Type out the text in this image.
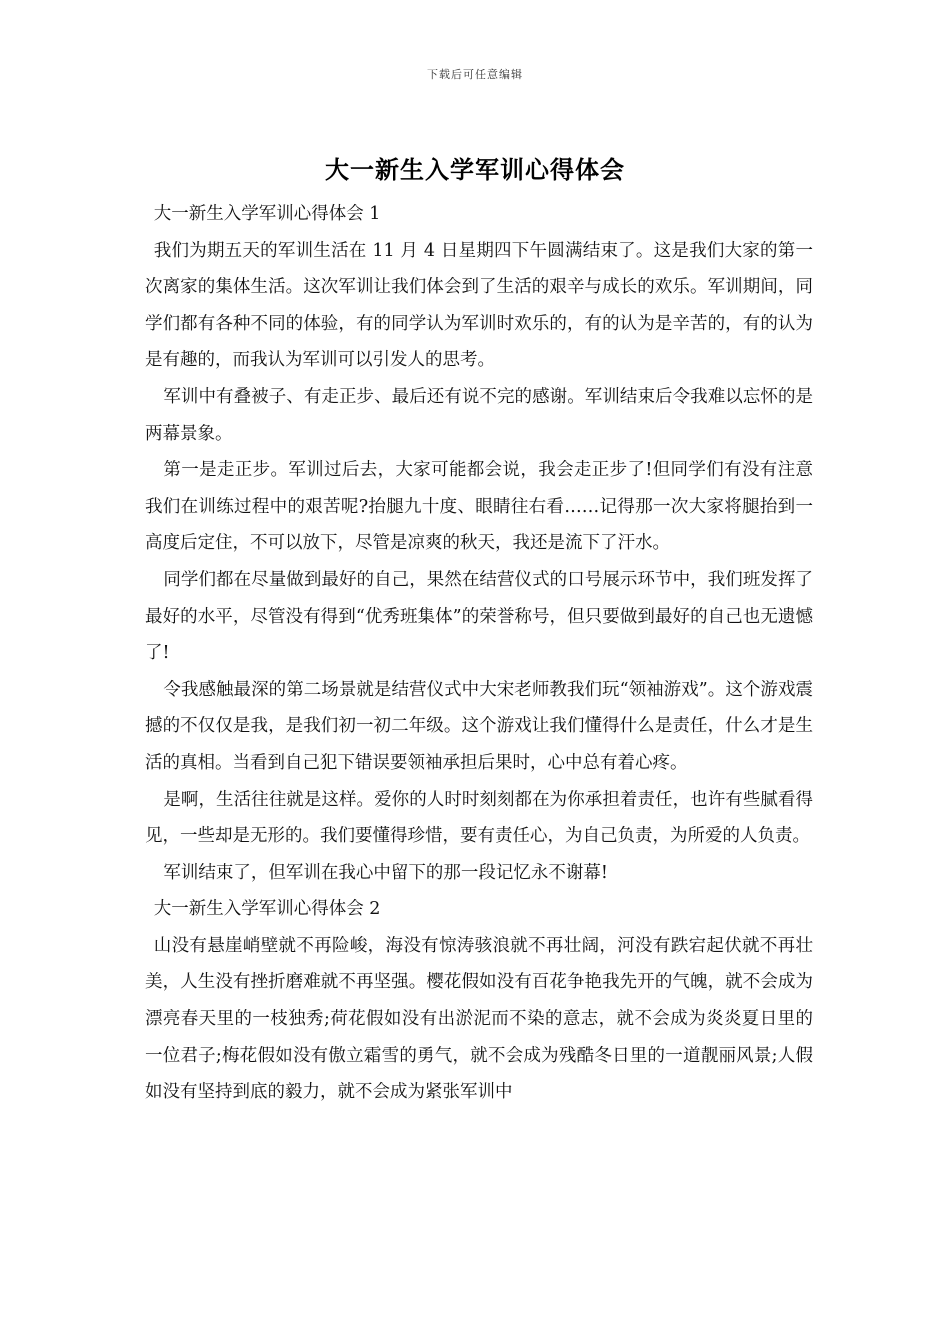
下载后可任意编辑
大一新生入学军训心得体会

大一新生入学军训心得体会 1

我们为期五天的军训生活在 11 月 4 日星期四下午圆满结束了。这是我们大家的第一次离家的集体生活。这次军训让我们体会到了生活的艰辛与成长的欢乐。军训期间，同学们都有各种不同的体验，有的同学认为军训时欢乐的，有的认为是辛苦的，有的认为是有趣的，而我认为军训可以引发人的思考。

军训中有叠被子、有走正步、最后还有说不完的感谢。军训结束后令我难以忘怀的是两幕景象。

第一是走正步。军训过后去，大家可能都会说，我会走正步了!但同学们有没有注意我们在训练过程中的艰苦呢?抬腿九十度、眼睛往右看……记得那一次大家将腿抬到一高度后定住，不可以放下，尽管是凉爽的秋天，我还是流下了汗水。

同学们都在尽量做到最好的自己，果然在结营仪式的口号展示环节中，我们班发挥了最好的水平，尽管没有得到“优秀班集体”的荣誉称号，但只要做到最好的自己也无遗憾了!

令我感触最深的第二场景就是结营仪式中大宋老师教我们玩“领袖游戏”。这个游戏震撼的不仅仅是我，是我们初一初二年级。这个游戏让我们懂得什么是责任，什么才是生活的真相。当看到自己犯下错误要领袖承担后果时，心中总有着心疼。

是啊，生活往往就是这样。爱你的人时时刻刻都在为你承担着责任，也许有些腻看得见，一些却是无形的。我们要懂得珍惜，要有责任心，为自己负责，为所爱的人负责。

军训结束了，但军训在我心中留下的那一段记忆永不谢幕!

大一新生入学军训心得体会 2

山没有悬崖峭壁就不再险峻，海没有惊涛骇浪就不再壮阔，河没有跌宕起伏就不再壮美，人生没有挫折磨难就不再坚强。樱花假如没有百花争艳我先开的气魄，就不会成为漂亮春天里的一枝独秀;荷花假如没有出淤泥而不染的意志，就不会成为炎炎夏日里的一位君子;梅花假如没有傲立霜雪的勇气，就不会成为残酷冬日里的一道靓丽风景;人假如没有坚持到底的毅力，就不会成为紧张军训中
